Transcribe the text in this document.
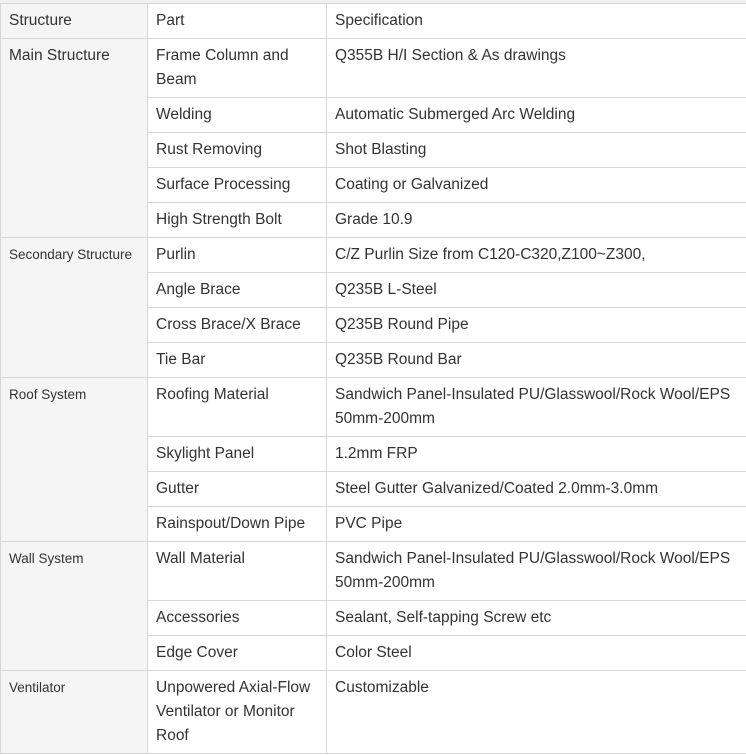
Structure	Part	Specification
Main Structure	Frame Column and Beam	Q355B H/I Section & As drawings
	Welding	Automatic Submerged Arc Welding
	Rust Removing	Shot Blasting
	Surface Processing	Coating or Galvanized
	High Strength Bolt	Grade 10.9
Secondary Structure	Purlin	C/Z Purlin Size from C120-C320,Z100~Z300,
	Angle Brace	Q235B L-Steel
	Cross Brace/X Brace	Q235B Round Pipe
	Tie Bar	Q235B Round Bar
Roof System	Roofing Material	Sandwich Panel-Insulated PU/Glasswool/Rock Wool/EPS 50mm-200mm
	Skylight Panel	1.2mm FRP
	Gutter	Steel Gutter Galvanized/Coated 2.0mm-3.0mm
	Rainspout/Down Pipe	PVC Pipe
Wall System	Wall Material	Sandwich Panel-Insulated PU/Glasswool/Rock Wool/EPS 50mm-200mm
	Accessories	Sealant, Self-tapping Screw etc
	Edge Cover	Color Steel
Ventilator	Unpowered Axial-Flow Ventilator or Monitor Roof	Customizable
